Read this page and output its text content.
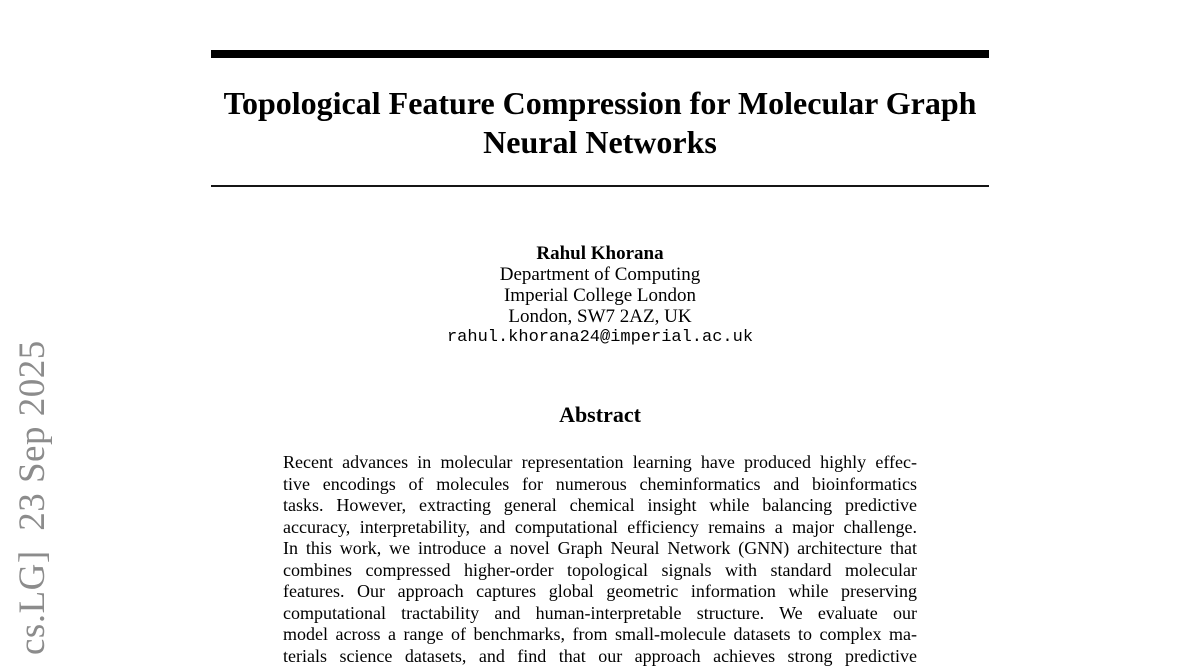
cs.LG]  23 Sep 2025
Topological Feature Compression for Molecular Graph
Neural Networks
Rahul Khorana
Department of Computing
Imperial College London
London, SW7 2AZ, UK
rahul.khorana24@imperial.ac.uk
Abstract
Recent advances in molecular representation learning have produced highly effec-
tive encodings of molecules for numerous cheminformatics and bioinformatics
tasks. However, extracting general chemical insight while balancing predictive
accuracy, interpretability, and computational efficiency remains a major challenge.
In this work, we introduce a novel Graph Neural Network (GNN) architecture that
combines compressed higher-order topological signals with standard molecular
features. Our approach captures global geometric information while preserving
computational tractability and human-interpretable structure. We evaluate our
model across a range of benchmarks, from small-molecule datasets to complex ma-
terials science datasets, and find that our approach achieves strong predictive
